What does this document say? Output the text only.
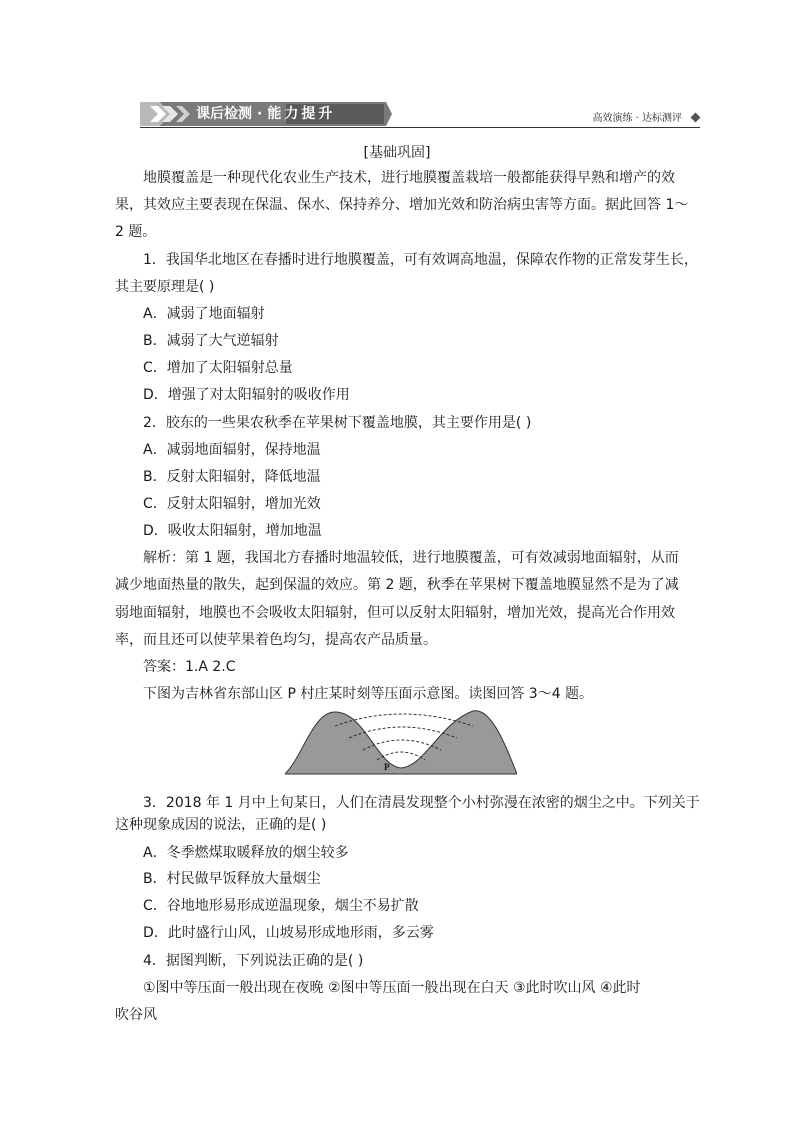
课后检测 · 能力提升	高效演练 · 达标测评
[基础巩固]
地膜覆盖是一种现代化农业生产技术，进行地膜覆盖栽培一般都能获得早熟和增产的效
果，其效应主要表现在保温、保水、保持养分、增加光效和防治病虫害等方面。据此回答 1～
2 题。
1．我国华北地区在春播时进行地膜覆盖，可有效调高地温，保障农作物的正常发芽生长，
其主要原理是( )
A．减弱了地面辐射
B．减弱了大气逆辐射
C．增加了太阳辐射总量
D．增强了对太阳辐射的吸收作用
2．胶东的一些果农秋季在苹果树下覆盖地膜，其主要作用是( )
A．减弱地面辐射，保持地温
B．反射太阳辐射，降低地温
C．反射太阳辐射，增加光效
D．吸收太阳辐射，增加地温
解析：第 1 题，我国北方春播时地温较低，进行地膜覆盖，可有效减弱地面辐射，从而
减少地面热量的散失，起到保温的效应。第 2 题，秋季在苹果树下覆盖地膜显然不是为了减
弱地面辐射，地膜也不会吸收太阳辐射，但可以反射太阳辐射，增加光效，提高光合作用效
率，而且还可以使苹果着色均匀，提高农产品质量。
答案：1.A 2.C
下图为吉林省东部山区 P 村庄某时刻等压面示意图。读图回答 3～4 题。
P
3．2018 年 1 月中上旬某日，人们在清晨发现整个小村弥漫在浓密的烟尘之中。下列关于
这种现象成因的说法，正确的是( )
A．冬季燃煤取暖释放的烟尘较多
B．村民做早饭释放大量烟尘
C．谷地地形易形成逆温现象，烟尘不易扩散
D．此时盛行山风，山坡易形成地形雨，多云雾
4．据图判断，下列说法正确的是( )
①图中等压面一般出现在夜晚 ②图中等压面一般出现在白天 ③此时吹山风 ④此时
吹谷风
